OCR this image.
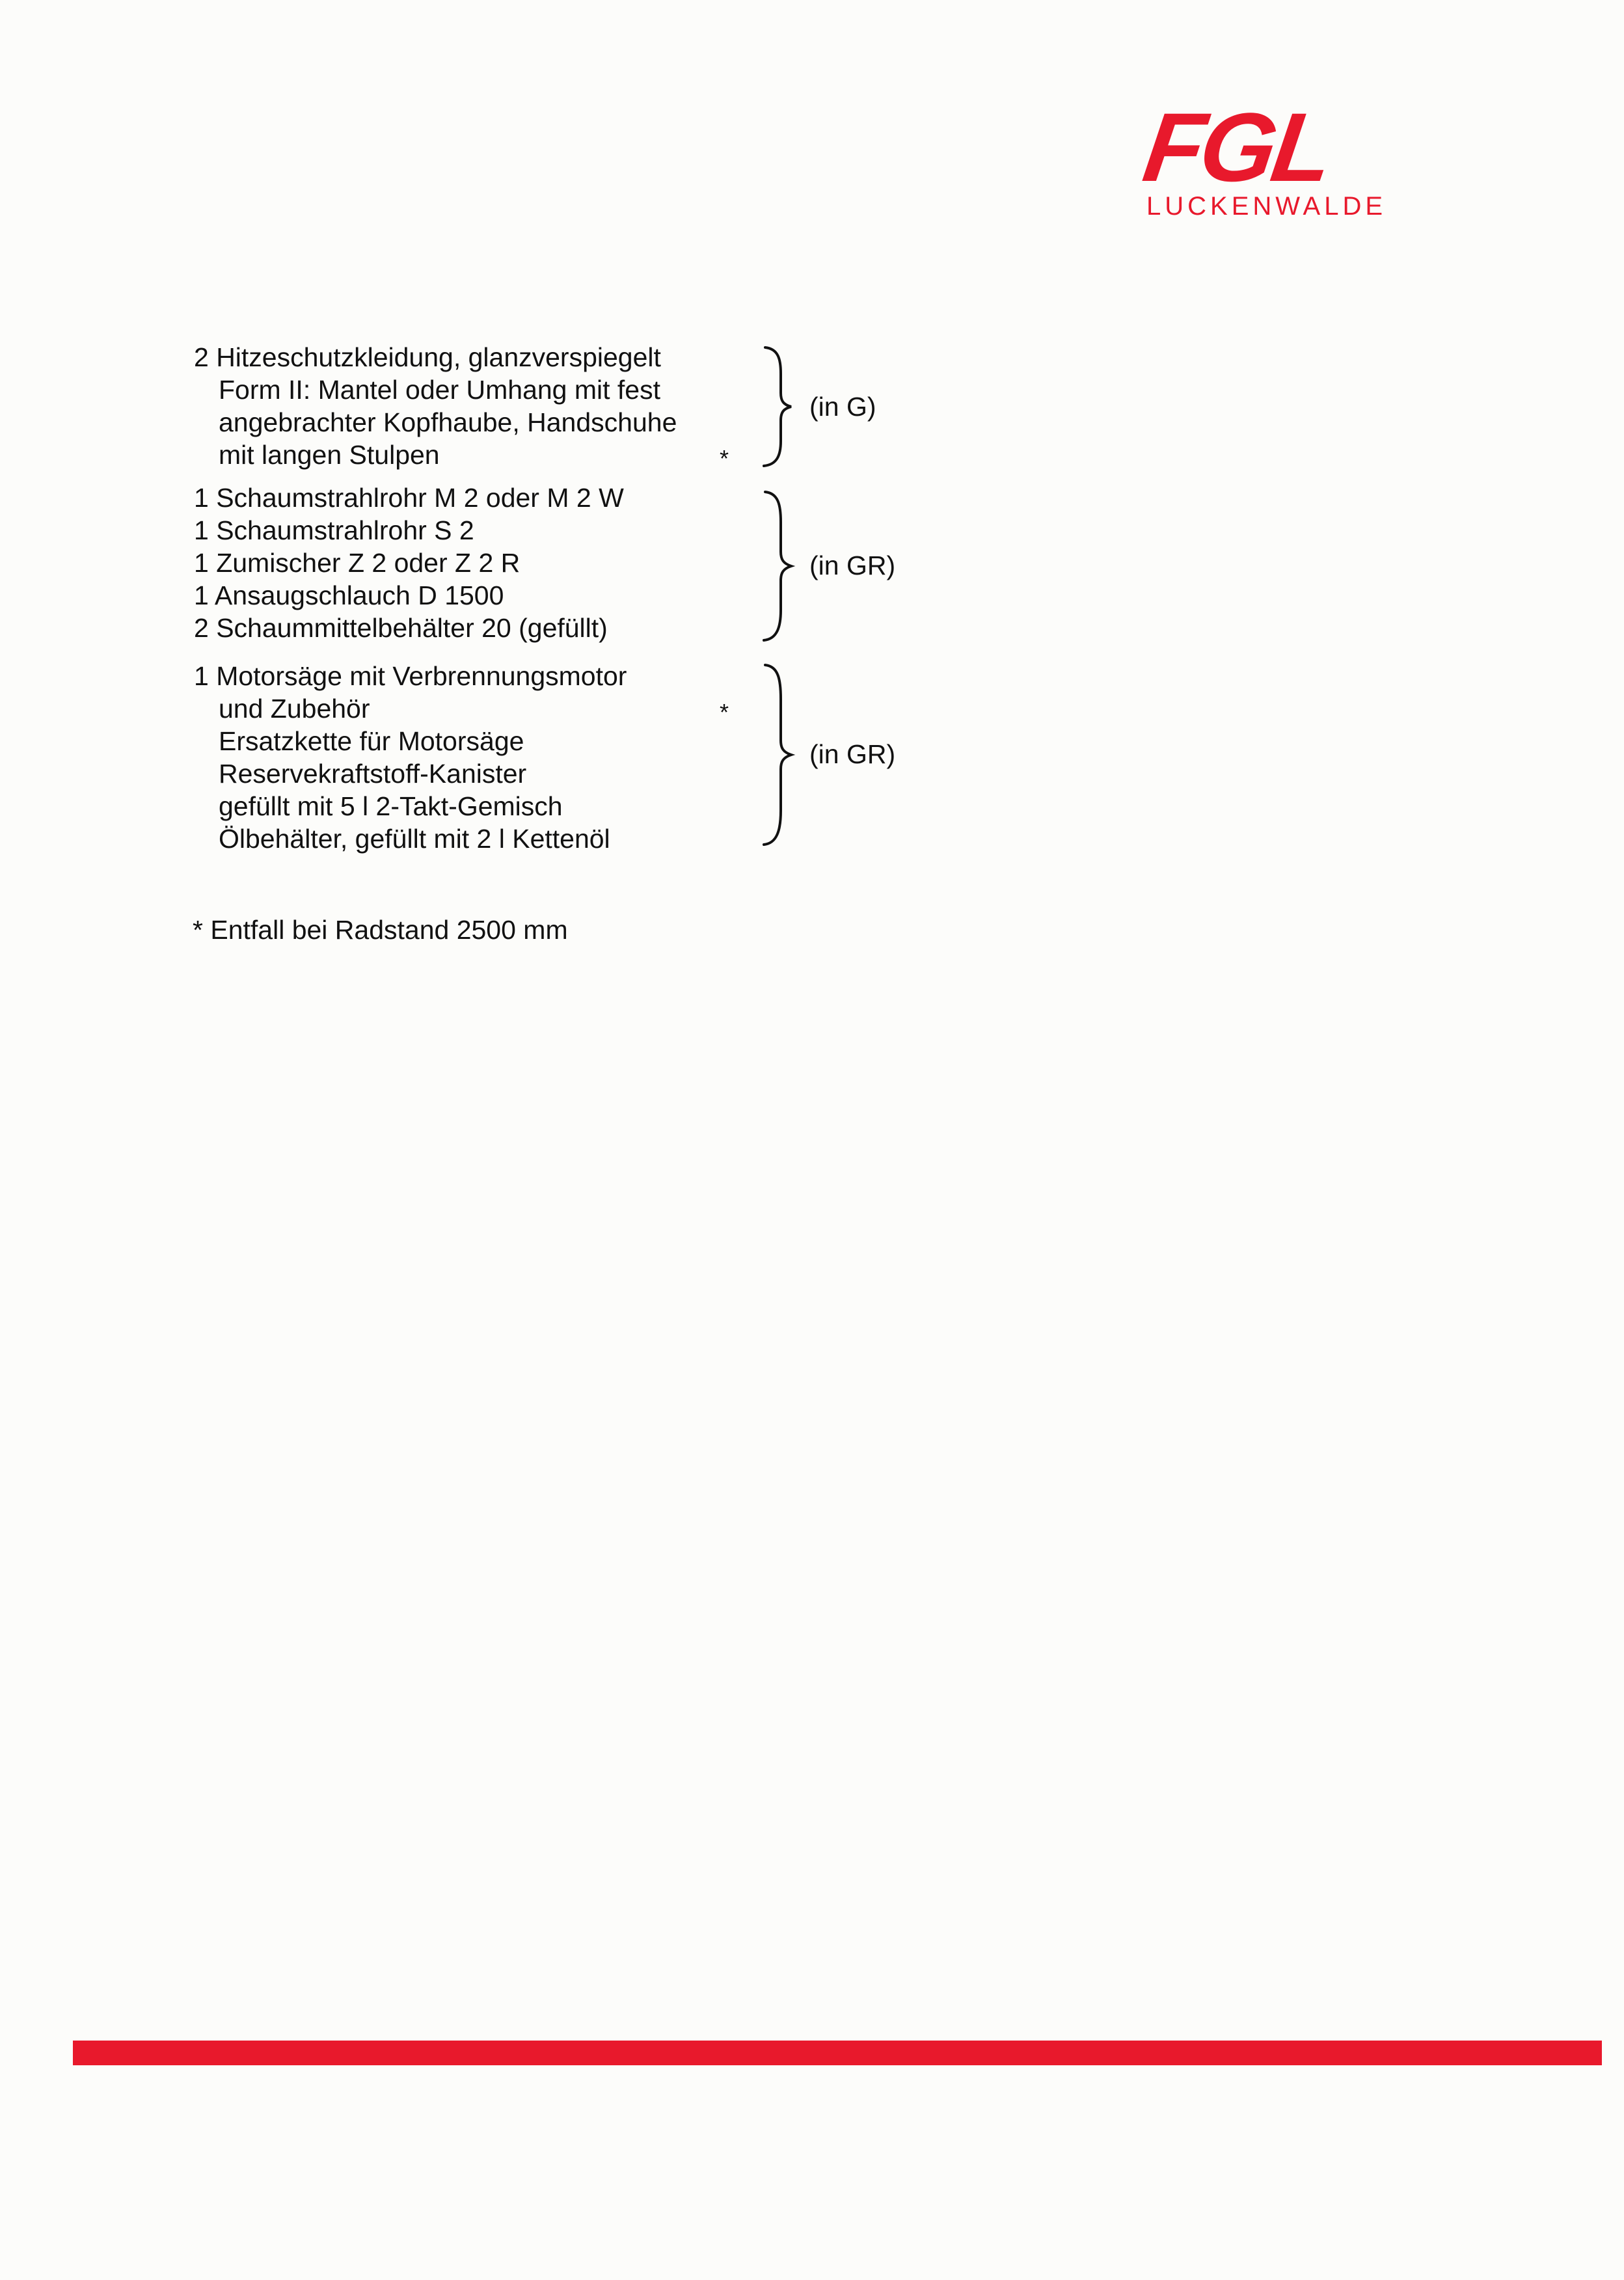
FGL
LUCKENWALDE
2 Hitzeschutzkleidung, glanzverspiegelt
Form II: Mantel oder Umhang mit fest
angebrachter Kopfhaube, Handschuhe
mit langen Stulpen	*
(in G)
1 Schaumstrahlrohr M 2 oder M 2 W
1 Schaumstrahlrohr S 2
1 Zumischer Z 2 oder Z 2 R
1 Ansaugschlauch D 1500
2 Schaummittelbehälter 20 (gefüllt)
(in GR)
1 Motorsäge mit Verbrennungsmotor
und Zubehör
Ersatzkette für Motorsäge
Reservekraftstoff-Kanister
gefüllt mit 5 l 2-Takt-Gemisch
Ölbehälter, gefüllt mit 2 l Kettenöl
*
(in GR)
* Entfall bei Radstand 2500 mm
